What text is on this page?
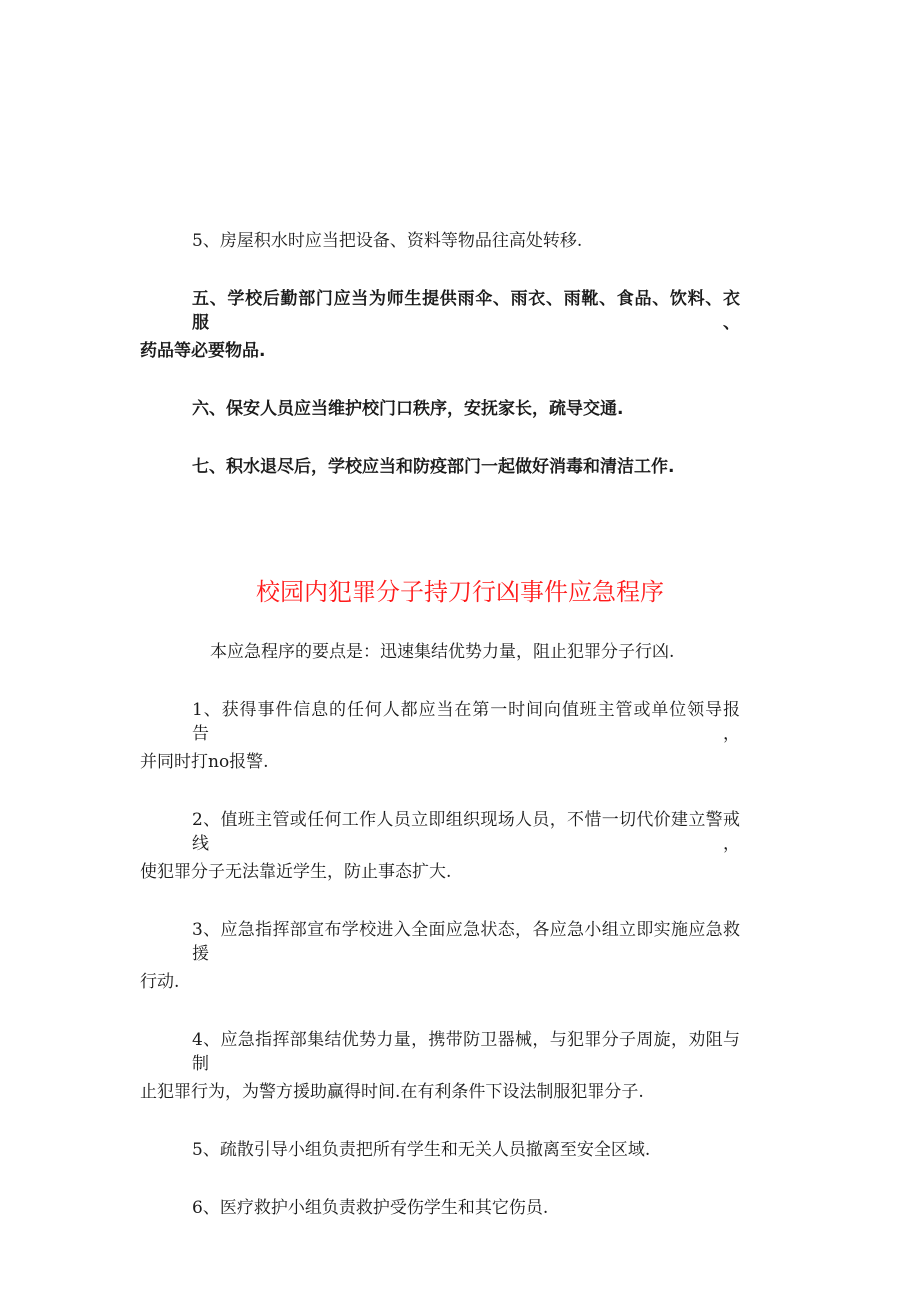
5、房屋积水时应当把设备、资料等物品往高处转移.
五、学校后勤部门应当为师生提供雨伞、雨衣、雨靴、食品、饮料、衣服、
药品等必要物品.
六、保安人员应当维护校门口秩序，安抚家长，疏导交通.
七、积水退尽后，学校应当和防疫部门一起做好消毒和清洁工作.
校园内犯罪分子持刀行凶事件应急程序
本应急程序的要点是：迅速集结优势力量，阻止犯罪分子行凶.
1、获得事件信息的任何人都应当在第一时间向值班主管或单位领导报告，
并同时打no报警.
2、值班主管或任何工作人员立即组织现场人员，不惜一切代价建立警戒线，
使犯罪分子无法靠近学生，防止事态扩大.
3、应急指挥部宣布学校进入全面应急状态，各应急小组立即实施应急救援
行动.
4、应急指挥部集结优势力量，携带防卫器械，与犯罪分子周旋，劝阻与制
止犯罪行为，为警方援助赢得时间.在有利条件下设法制服犯罪分子.
5、疏散引导小组负责把所有学生和无关人员撤离至安全区域.
6、医疗救护小组负责救护受伤学生和其它伤员.
